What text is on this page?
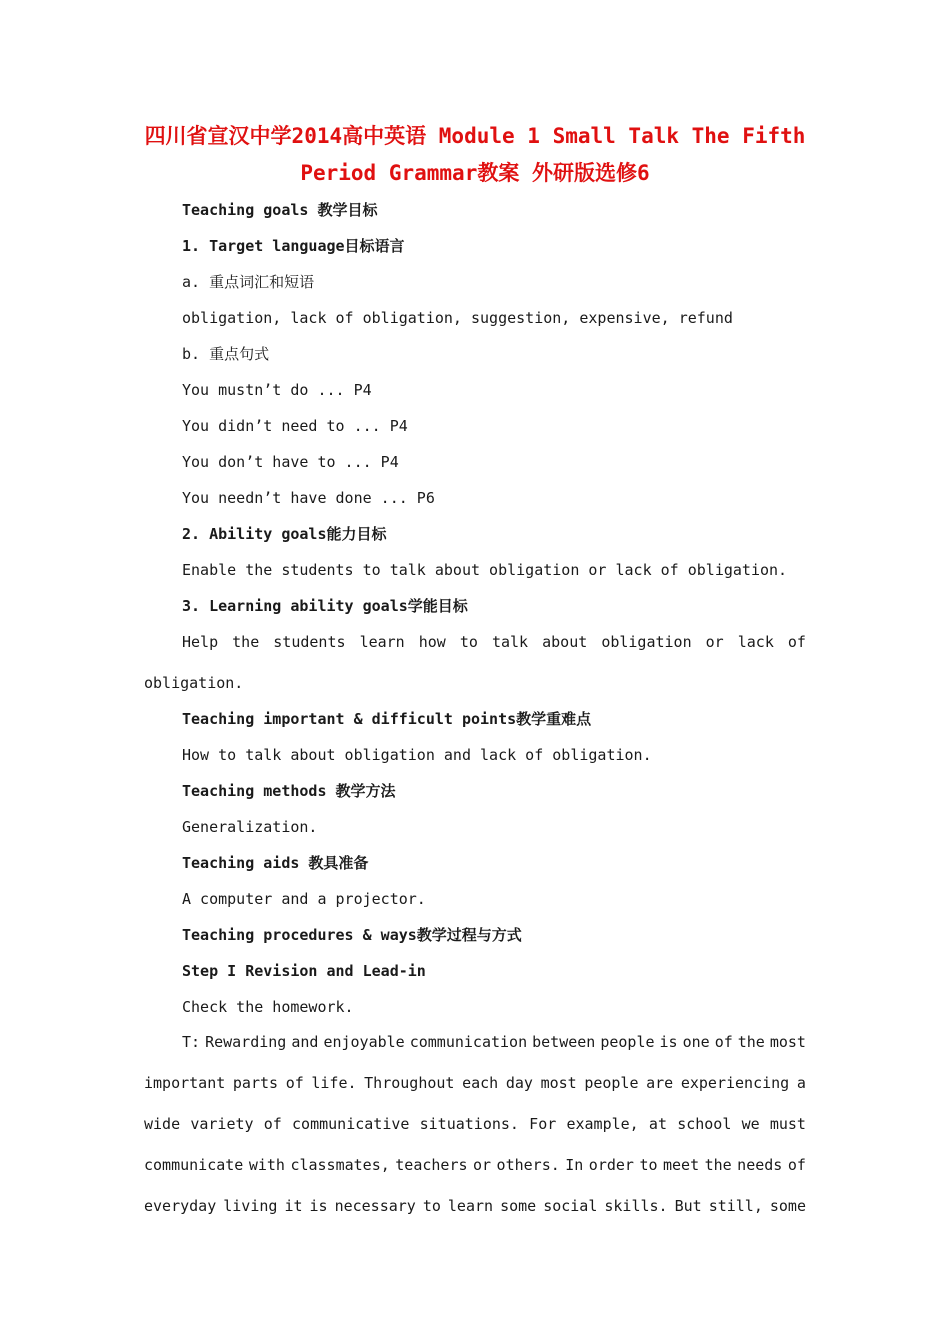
四川省宣汉中学2014高中英语 Module 1 Small Talk The Fifth
Period Grammar教案 外研版选修6
Teaching goals 教学目标
1. Target language目标语言
a. 重点词汇和短语
obligation, lack of obligation, suggestion, expensive, refund
b. 重点句式
You mustn’t do ... P4
You didn’t need to ... P4
You don’t have to ... P4
You needn’t have done ... P6
2. Ability goals能力目标
Enable the students to talk about obligation or lack of obligation.
3. Learning ability goals学能目标
Help the students learn how to talk about obligation or lack of
obligation.
Teaching important & difficult points教学重难点
How to talk about obligation and lack of obligation.
Teaching methods 教学方法
Generalization.
Teaching aids 教具准备
A computer and a projector.
Teaching procedures & ways教学过程与方式
Step I Revision and Lead-in
Check the homework.
T: Rewarding and enjoyable communication between people is one of the most
important parts of life. Throughout each day most people are experiencing a
wide variety of communicative situations. For example, at school we must
communicate with classmates, teachers or others. In order to meet the needs of
everyday living it is necessary to learn some social skills. But still, some
